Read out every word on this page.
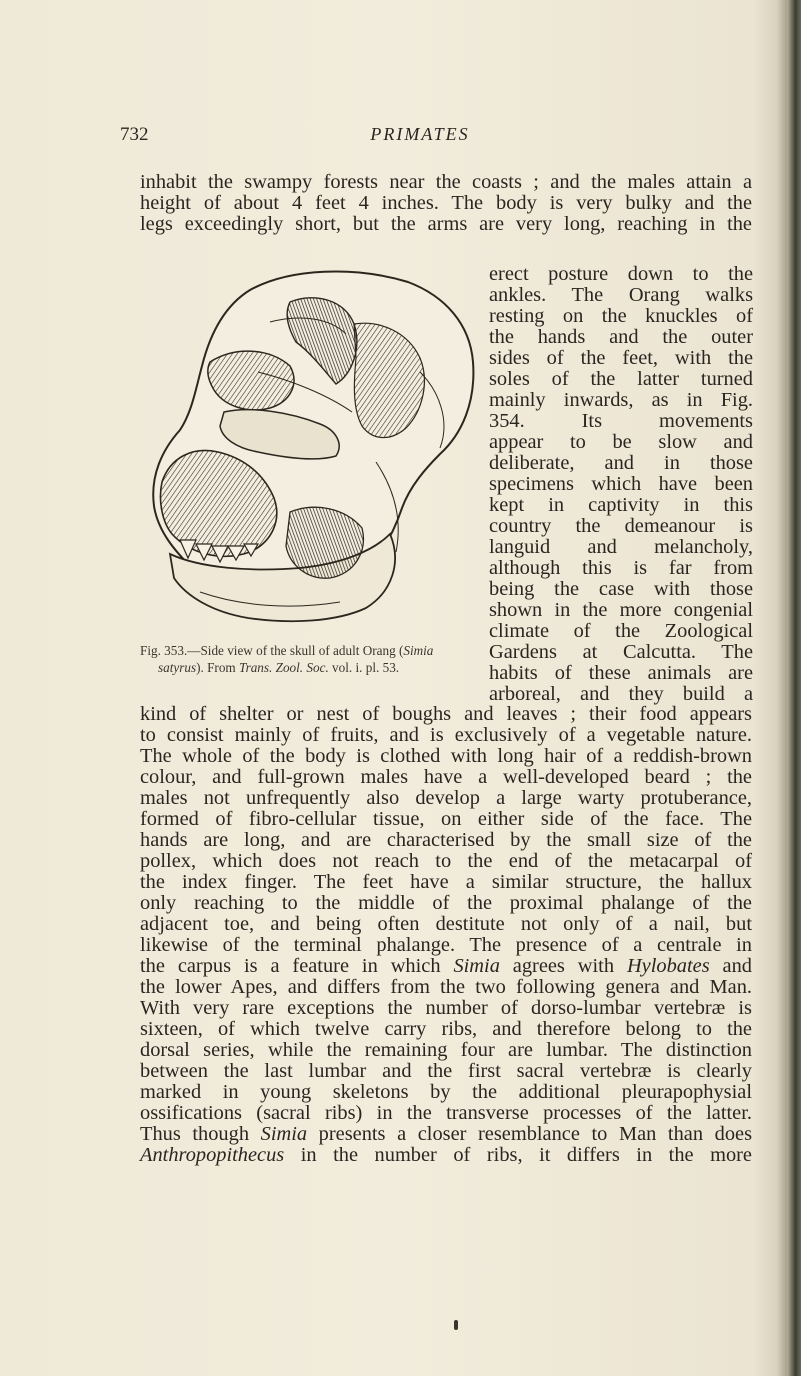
732	PRIMATES
inhabit the swampy forests near the coasts ; and the males attain a
height of about 4 feet 4 inches. The body is very bulky and the
legs exceedingly short, but the arms are very long, reaching in the
erect posture down to the
ankles. The Orang walks
resting on the knuckles of
the hands and the outer
sides of the feet, with the
soles of the latter turned
mainly inwards, as in Fig.
354. Its movements
appear to be slow and
deliberate, and in those
specimens which have been
kept in captivity in this
country the demeanour is
languid and melancholy,
although this is far from
being the case with those
shown in the more congenial
climate of the Zoological
Gardens at Calcutta. The
habits of these animals are
arboreal, and they build a
Fig. 353.—Side view of the skull of adult Orang (Simia
satyrus). From Trans. Zool. Soc. vol. i. pl. 53.
kind of shelter or nest of boughs and leaves ; their food appears
to consist mainly of fruits, and is exclusively of a vegetable nature.
The whole of the body is clothed with long hair of a reddish-brown
colour, and full-grown males have a well-developed beard ; the
males not unfrequently also develop a large warty protuberance,
formed of fibro-cellular tissue, on either side of the face. The
hands are long, and are characterised by the small size of the
pollex, which does not reach to the end of the metacarpal of
the index finger. The feet have a similar structure, the hallux
only reaching to the middle of the proximal phalange of the
adjacent toe, and being often destitute not only of a nail, but
likewise of the terminal phalange. The presence of a centrale in
the carpus is a feature in which Simia agrees with Hylobates and
the lower Apes, and differs from the two following genera and Man.
With very rare exceptions the number of dorso-lumbar vertebræ is
sixteen, of which twelve carry ribs, and therefore belong to the
dorsal series, while the remaining four are lumbar. The distinction
between the last lumbar and the first sacral vertebræ is clearly
marked in young skeletons by the additional pleurapophysial
ossifications (sacral ribs) in the transverse processes of the latter.
Thus though Simia presents a closer resemblance to Man than does
Anthropopithecus in the number of ribs, it differs in the more
